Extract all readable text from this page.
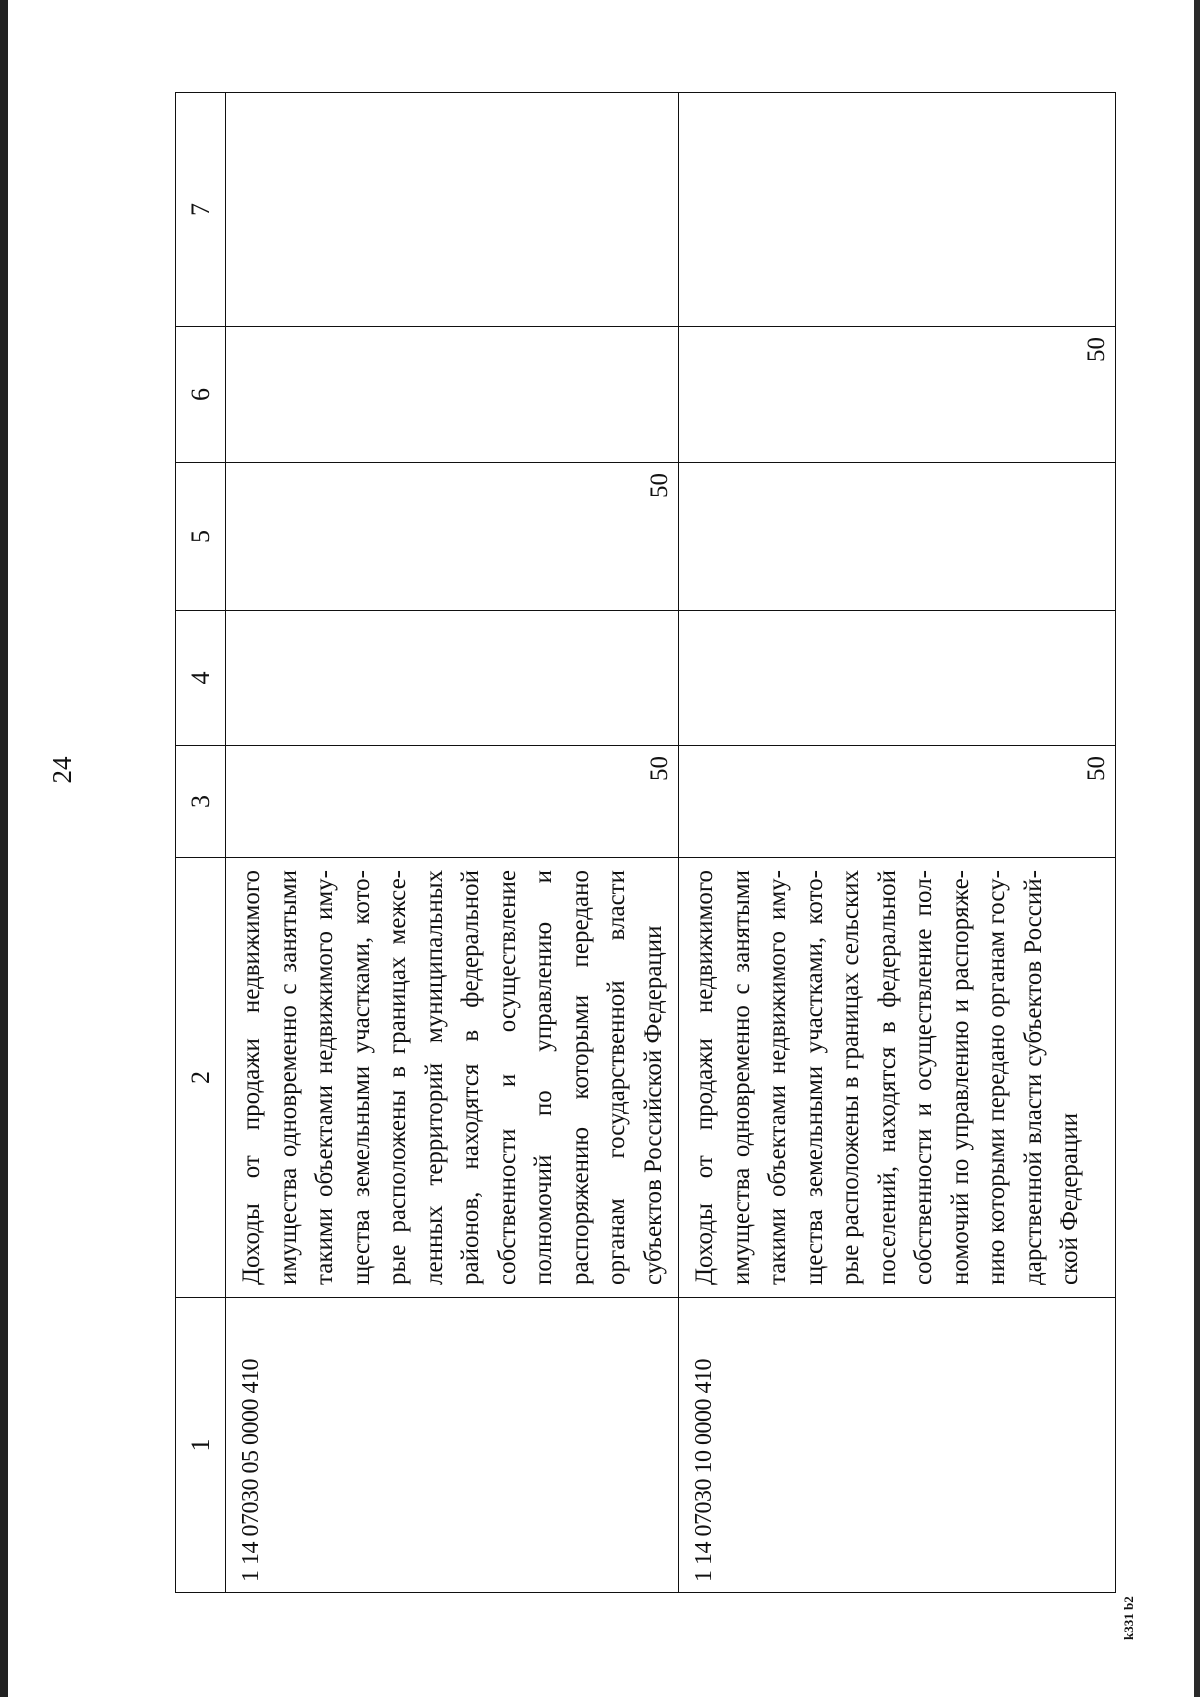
24
1	2	3	4	5	6	7
1 14 07030 05 0000 410	Доходы от продажи недвижимого имущества одновременно с занятыми такими объектами недвижимого имущества земельными участками, которые расположены в границах межселенных территорий муниципальных районов, находятся в федеральной собственности и осуществление полномочий по управлению и распоряжению которыми передано органам государственной власти субъектов Российской Федерации	50		50		
1 14 07030 10 0000 410	Доходы от продажи недвижимого имущества одновременно с занятыми такими объектами недвижимого имущества земельными участками, которые расположены в границах сельских поселений, находятся в федеральной собственности и осуществление полномочий по управлению и распоряжению которыми передано органам государственной власти субъектов Российской Федерации	50			50	
k331 b2
